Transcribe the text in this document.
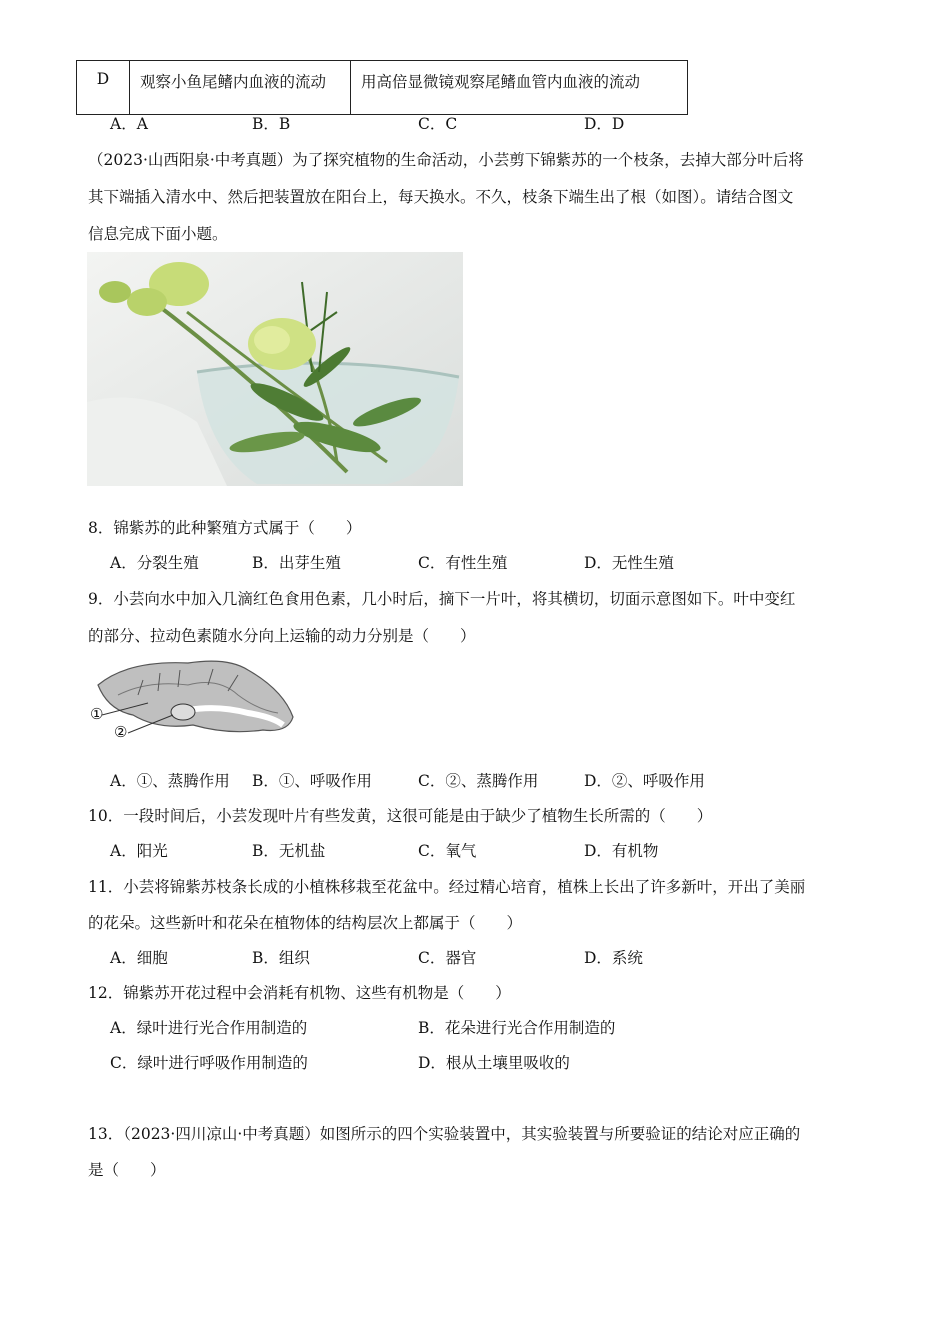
D	观察小鱼尾鳍内血液的流动	用高倍显微镜观察尾鳍血管内血液的流动
A．A	B．B	C．C	D．D
（2023·山西阳泉·中考真题）为了探究植物的生命活动，小芸剪下锦紫苏的一个枝条，去掉大部分叶后将
其下端插入清水中、然后把装置放在阳台上，每天换水。不久，枝条下端生出了根（如图）。请结合图文
信息完成下面小题。
8．锦紫苏的此种繁殖方式属于（　　）
A．分裂生殖	B．出芽生殖	C．有性生殖	D．无性生殖
9．小芸向水中加入几滴红色食用色素，几小时后，摘下一片叶，将其横切，切面示意图如下。叶中变红
的部分、拉动色素随水分向上运输的动力分别是（　　）
①
②
A．①、蒸腾作用 B．①、呼吸作用	C．②、蒸腾作用	D．②、呼吸作用
10．一段时间后，小芸发现叶片有些发黄，这很可能是由于缺少了植物生长所需的（　　）
A．阳光	B．无机盐	C．氧气	D．有机物
11．小芸将锦紫苏枝条长成的小植株移栽至花盆中。经过精心培育，植株上长出了许多新叶，开出了美丽
的花朵。这些新叶和花朵在植物体的结构层次上都属于（　　）
A．细胞	B．组织	C．器官	D．系统
12．锦紫苏开花过程中会消耗有机物、这些有机物是（　　）
A．绿叶进行光合作用制造的	B．花朵进行光合作用制造的
C．绿叶进行呼吸作用制造的	D．根从土壤里吸收的
13．（2023·四川凉山·中考真题）如图所示的四个实验装置中，其实验装置与所要验证的结论对应正确的
是（　　）
